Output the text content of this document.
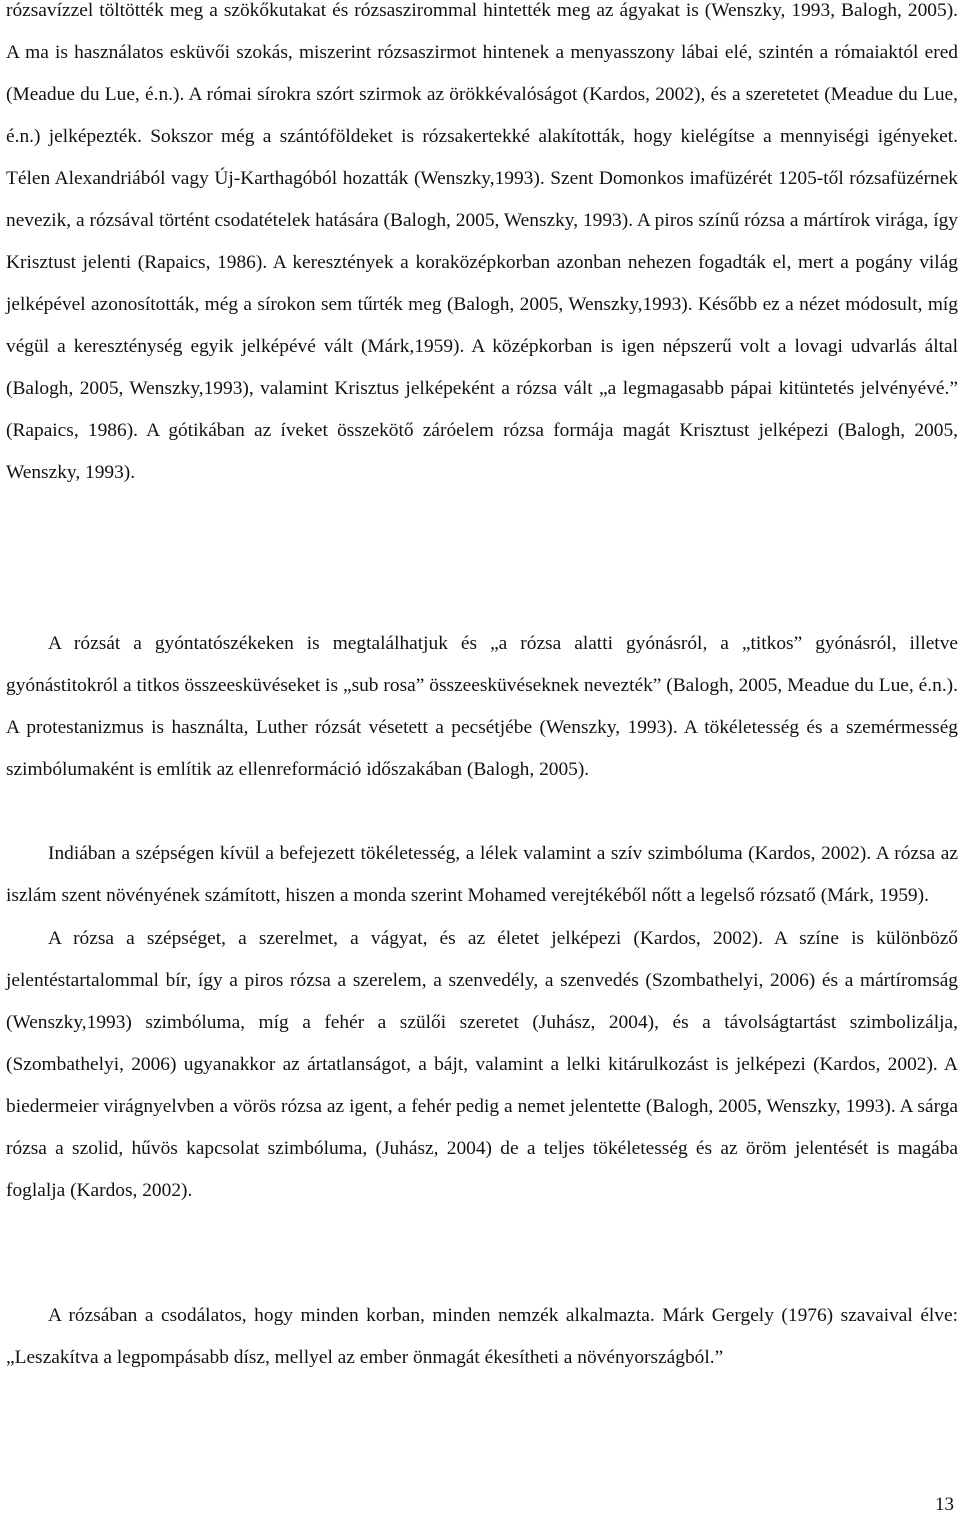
rózsavízzel töltötték meg a szökőkutakat és rózsaszirommal hintették meg az ágyakat is (Wenszky, 1993, Balogh, 2005). A ma is használatos esküvői szokás, miszerint rózsaszirmot hintenek a menyasszony lábai elé, szintén a rómaiaktól ered (Meadue du Lue, é.n.). A római sírokra szórt szirmok az örökkévalóságot (Kardos, 2002), és a szeretetet (Meadue du Lue, é.n.) jelképezték. Sokszor még a szántóföldeket is rózsakertekké alakították, hogy kielégítse a mennyiségi igényeket. Télen Alexandriából vagy Új-Karthagóból hozatták (Wenszky,1993). Szent Domonkos imafüzérét 1205-től rózsafüzérnek nevezik, a rózsával történt csodatételek hatására (Balogh, 2005, Wenszky, 1993). A piros színű rózsa a mártírok virága, így Krisztust jelenti (Rapaics, 1986). A keresztények a koraközépkorban azonban nehezen fogadták el, mert a pogány világ jelképével azonosították, még a sírokon sem tűrték meg (Balogh, 2005, Wenszky,1993). Később ez a nézet módosult, míg végül a kereszténység egyik jelképévé vált (Márk,1959). A középkorban is igen népszerű volt a lovagi udvarlás által (Balogh, 2005, Wenszky,1993), valamint Krisztus jelképeként a rózsa vált „a legmagasabb pápai kitüntetés jelvényévé.” (Rapaics, 1986). A gótikában az íveket összekötő záróelem rózsa formája magát Krisztust jelképezi (Balogh, 2005, Wenszky, 1993).

A rózsát a gyóntatószékeken is megtalálhatjuk és „a rózsa alatti gyónásról, a „titkos” gyónásról, illetve gyónástitokról a titkos összeesküvéseket is „sub rosa” összeesküvéseknek nevezték” (Balogh, 2005, Meadue du Lue, é.n.). A protestanizmus is használta, Luther rózsát vésetett a pecsétjébe (Wenszky, 1993). A tökéletesség és a szemérmesség szimbólumaként is említik az ellenreformáció időszakában (Balogh, 2005).

Indiában a szépségen kívül a befejezett tökéletesség, a lélek valamint a szív szimbóluma (Kardos, 2002). A rózsa az iszlám szent növényének számított, hiszen a monda szerint Mohamed verejtékéből nőtt a legelső rózsatő (Márk, 1959).

A rózsa a szépséget, a szerelmet, a vágyat, és az életet jelképezi (Kardos, 2002). A színe is különböző jelentéstartalommal bír, így a piros rózsa a szerelem, a szenvedély, a szenvedés (Szombathelyi, 2006) és a mártíromság (Wenszky,1993) szimbóluma, míg a fehér a szülői szeretet (Juhász, 2004), és a távolságtartást szimbolizálja, (Szombathelyi, 2006) ugyanakkor az ártatlanságot, a bájt, valamint a lelki kitárulkozást is jelképezi (Kardos, 2002). A biedermeier virágnyelvben a vörös rózsa az igent, a fehér pedig a nemet jelentette (Balogh, 2005, Wenszky, 1993). A sárga rózsa a szolid, hűvös kapcsolat szimbóluma, (Juhász, 2004) de a teljes tökéletesség és az öröm jelentését is magába foglalja (Kardos, 2002).

A rózsában a csodálatos, hogy minden korban, minden nemzék alkalmazta. Márk Gergely (1976) szavaival élve: „Leszakítva a legpompásabb dísz, mellyel az ember önmagát ékesítheti a növényországból.”

13
